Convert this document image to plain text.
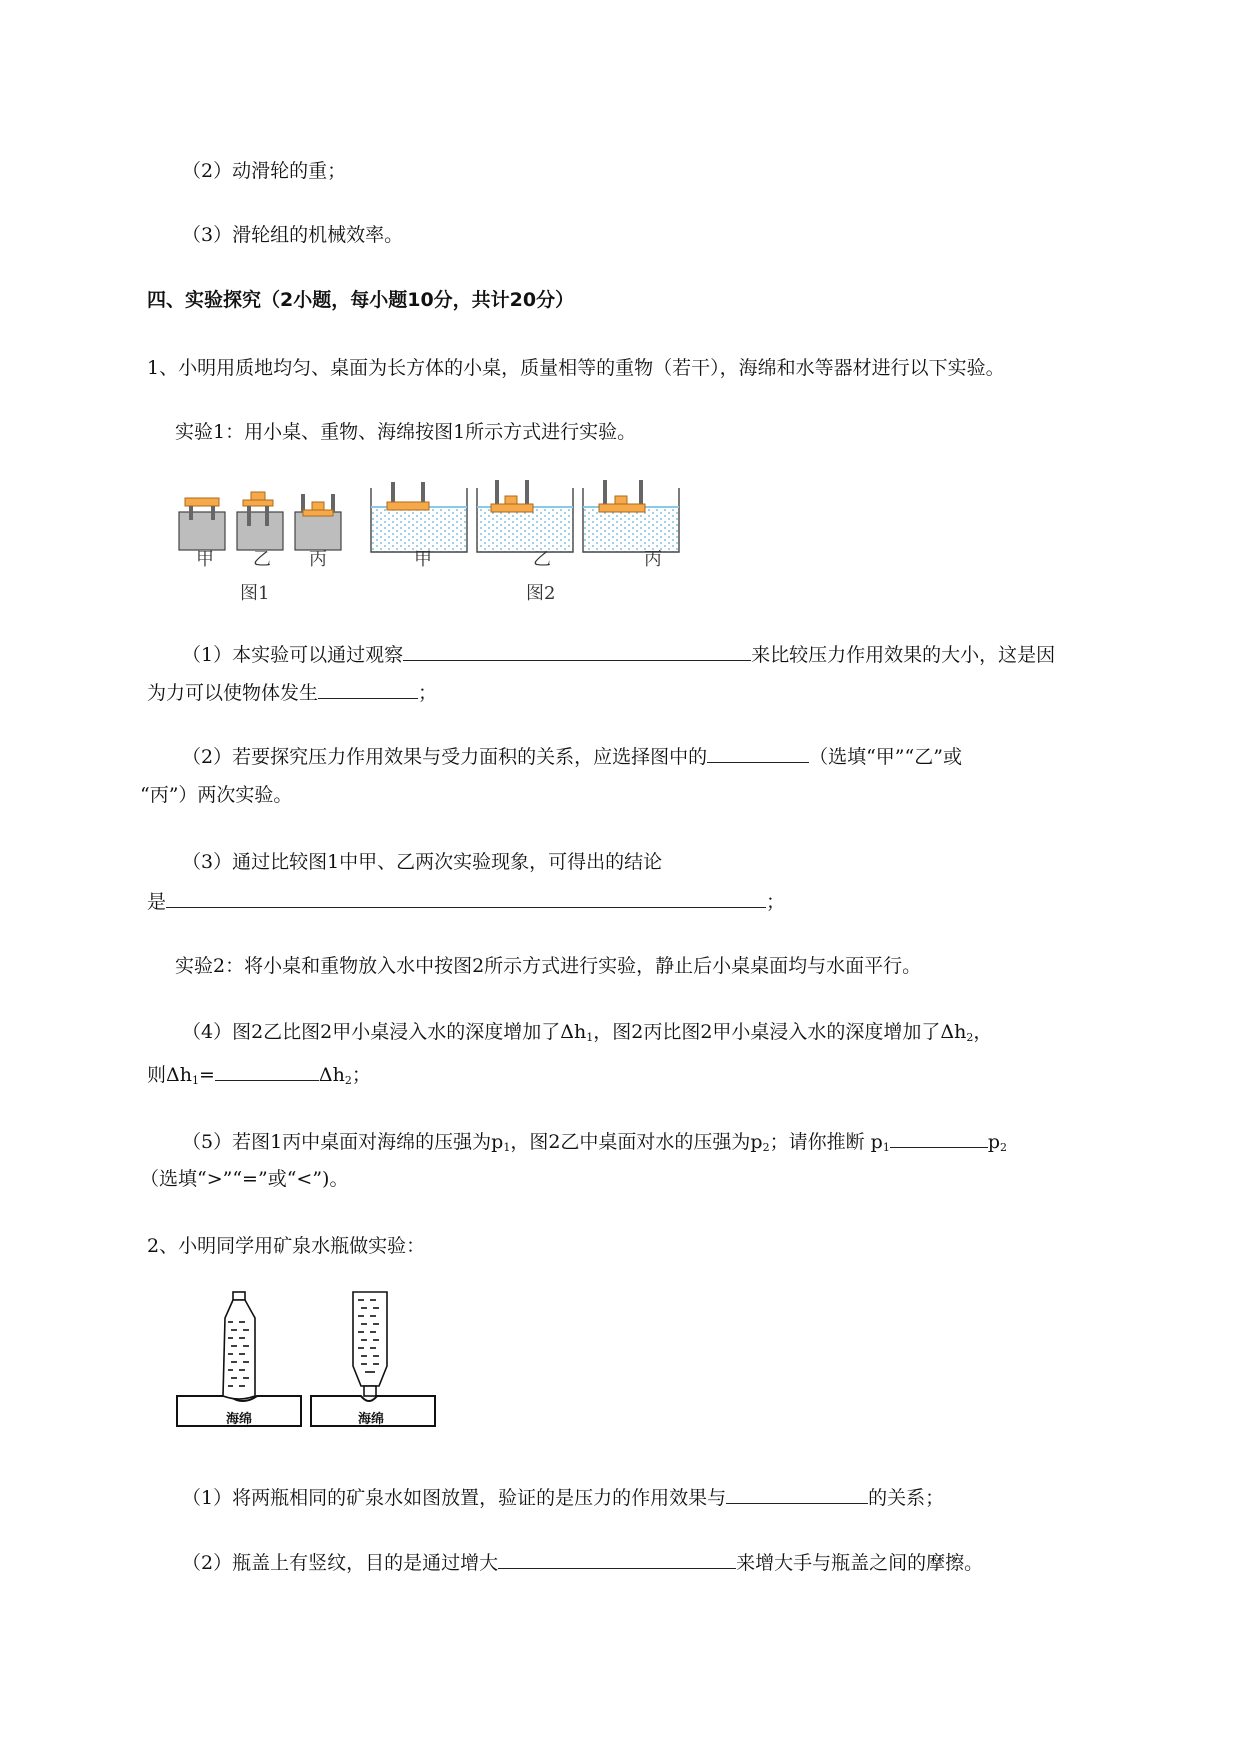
（2）动滑轮的重；
（3）滑轮组的机械效率。
四、实验探究（2小题，每小题10分，共计20分）
1、小明用质地均匀、桌面为长方体的小桌，质量相等的重物（若干），海绵和水等器材进行以下实验。
实验1：用小桌、重物、海绵按图1所示方式进行实验。
甲 乙 丙	甲	乙	丙
图1	图2
（1）本实验可以通过观察	来比较压力作用效果的大小，这是因
为力可以使物体发生	；
（2）若要探究压力作用效果与受力面积的关系，应选择图中的	（选填“甲”“乙”或
“丙”）两次实验。
（3）通过比较图1中甲、乙两次实验现象，可得出的结论
是	；
实验2：将小桌和重物放入水中按图2所示方式进行实验，静止后小桌桌面均与水面平行。
（4）图2乙比图2甲小桌浸入水的深度增加了$\Delta h_1$，图2丙比图2甲小桌浸入水的深度增加了$\Delta h_2$，
则$\Delta h_1=$	$\Delta h_2$；
（5）若图1丙中桌面对海绵的压强为$p_1$，图2乙中桌面对水的压强为$p_2$；请你推断 $p_1$	$p_2$
（选填“>”“=”或“<”)。
2、小明同学用矿泉水瓶做实验：
海绵	海绵
（1）将两瓶相同的矿泉水如图放置，验证的是压力的作用效果与	的关系；
（2）瓶盖上有竖纹，目的是通过增大	来增大手与瓶盖之间的摩擦。
